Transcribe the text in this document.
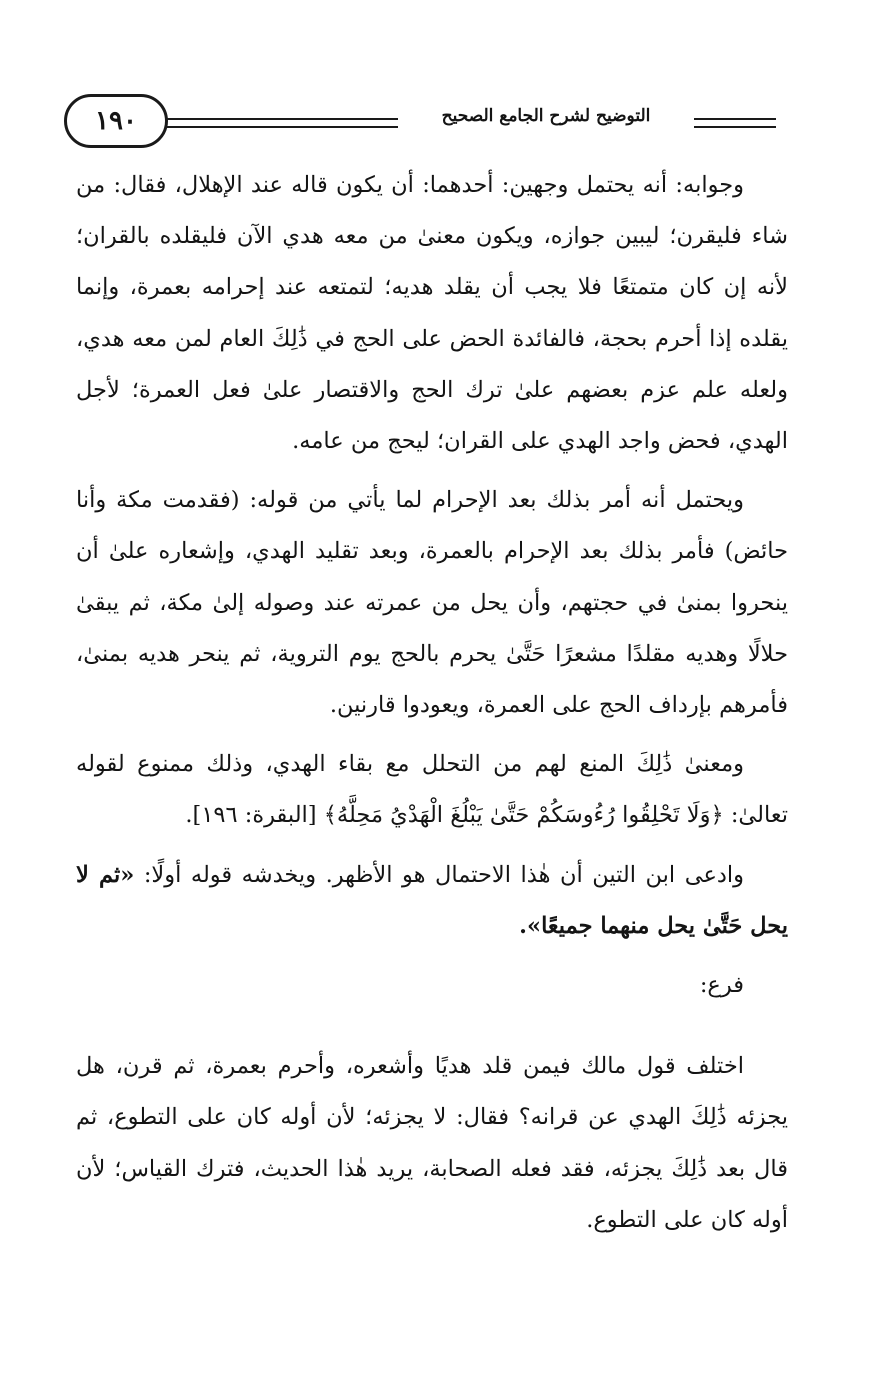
١٩٠	التوضيح لشرح الجامع الصحيح

وجوابه: أنه يحتمل وجهين: أحدهما: أن يكون قاله عند الإهلال، فقال: من شاء فليقرن؛ ليبين جوازه، ويكون معنىٰ من معه هدي الآن فليقلده بالقران؛ لأنه إن كان متمتعًا فلا يجب أن يقلد هديه؛ لتمتعه عند إحرامه بعمرة، وإنما يقلده إذا أحرم بحجة، فالفائدة الحض على الحج في ذَٰلِكَ العام لمن معه هدي، ولعله علم عزم بعضهم علىٰ ترك الحج والاقتصار علىٰ فعل العمرة؛ لأجل الهدي، فحض واجد الهدي على القران؛ ليحج من عامه.

ويحتمل أنه أمر بذلك بعد الإحرام لما يأتي من قوله: (فقدمت مكة وأنا حائض) فأمر بذلك بعد الإحرام بالعمرة، وبعد تقليد الهدي، وإشعاره علىٰ أن ينحروا بمنىٰ في حجتهم، وأن يحل من عمرته عند وصوله إلىٰ مكة، ثم يبقىٰ حلالًا وهديه مقلدًا مشعرًا حَتَّىٰ يحرم بالحج يوم التروية، ثم ينحر هديه بمنىٰ، فأمرهم بإرداف الحج على العمرة، ويعودوا قارنين.

ومعنىٰ ذَٰلِكَ المنع لهم من التحلل مع بقاء الهدي، وذلك ممنوع لقوله تعالىٰ: ﴿وَلَا تَحْلِقُوا رُءُوسَكُمْ حَتَّىٰ يَبْلُغَ الْهَدْيُ مَحِلَّهُ﴾ [البقرة: ١٩٦].

وادعى ابن التين أن هٰذا الاحتمال هو الأظهر. ويخدشه قوله أولًا: «ثم لا يحل حَتَّىٰ يحل منهما جميعًا».

فرع:

اختلف قول مالك فيمن قلد هديًا وأشعره، وأحرم بعمرة، ثم قرن، هل يجزئه ذَٰلِكَ الهدي عن قرانه؟ فقال: لا يجزئه؛ لأن أوله كان على التطوع، ثم قال بعد ذَٰلِكَ يجزئه، فقد فعله الصحابة، يريد هٰذا الحديث، فترك القياس؛ لأن أوله كان على التطوع.
